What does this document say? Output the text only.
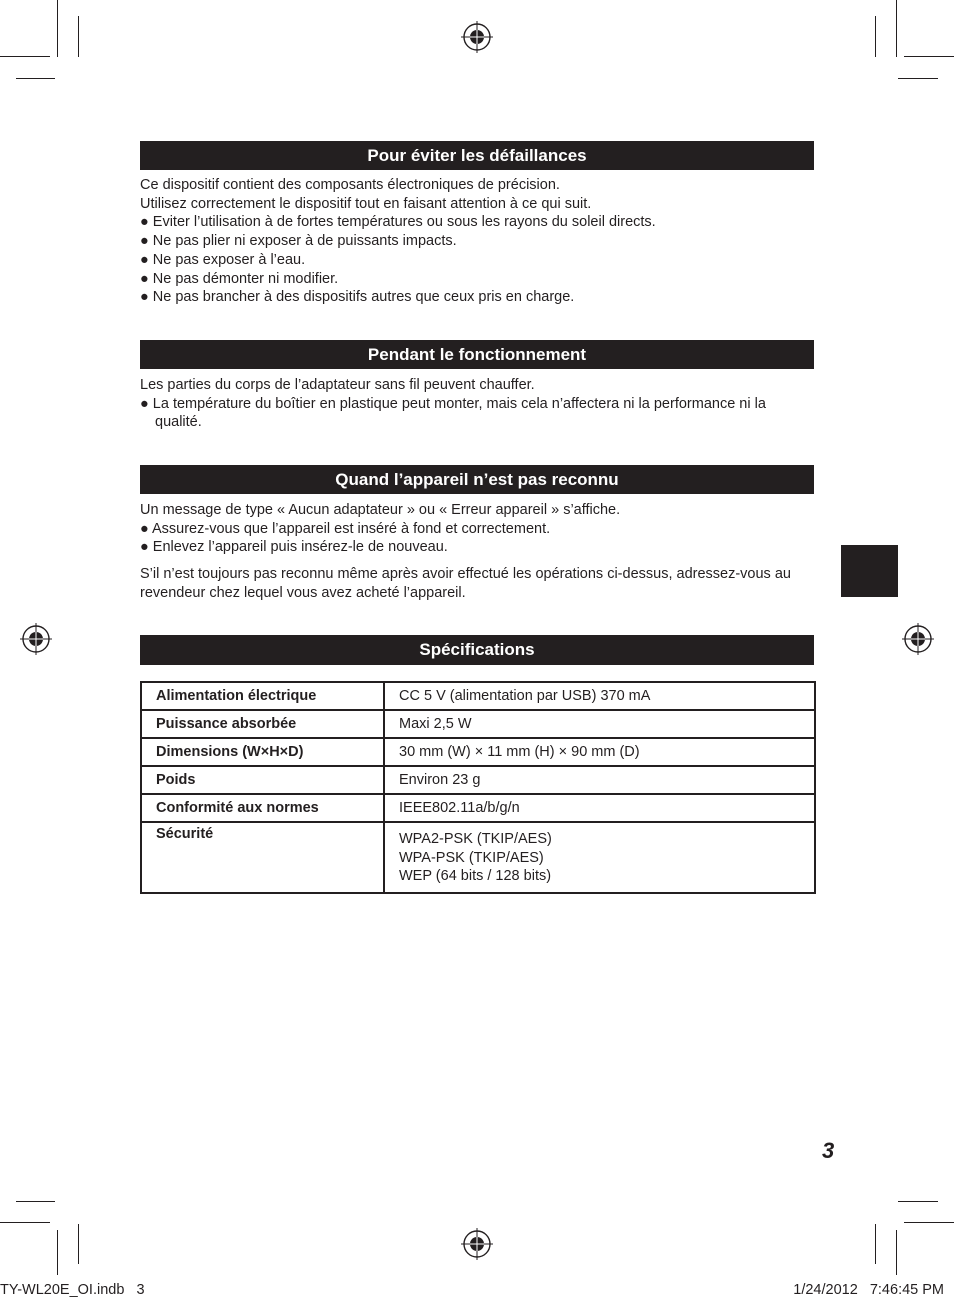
Pour éviter les défaillances

Ce dispositif contient des composants électroniques de précision.

Utilisez correctement le dispositif tout en faisant attention à ce qui suit.

● Eviter l’utilisation à de fortes températures ou sous les rayons du soleil directs.

● Ne pas plier ni exposer à de puissants impacts.

● Ne pas exposer à l’eau.

● Ne pas démonter ni modifier.

● Ne pas brancher à des dispositifs autres que ceux pris en charge.

Pendant le fonctionnement

Les parties du corps de l’adaptateur sans fil peuvent chauffer.

● La température du boîtier en plastique peut monter, mais cela n’affectera ni la performance ni la qualité.

Quand l’appareil n’est pas reconnu

Un message de type « Aucun adaptateur » ou « Erreur appareil » s’affiche.

● Assurez-vous que l’appareil est inséré à fond et correctement.

● Enlevez l’appareil puis insérez-le de nouveau.

S’il n’est toujours pas reconnu même après avoir effectué les opérations ci-dessus, adressez-vous au revendeur chez lequel vous avez acheté l’appareil.

Spécifications
Alimentation électrique	CC 5 V (alimentation par USB) 370 mA
Puissance absorbée	Maxi 2,5 W
Dimensions (W×H×D)	30 mm (W) × 11 mm (H) × 90 mm (D)
Poids	Environ 23 g
Conformité aux normes	IEEE802.11a/b/g/n
Sécurité	WPA2-PSK (TKIP/AES)
WPA-PSK (TKIP/AES)
WEP (64 bits / 128 bits)
3
TY-WL20E_OI.indb   3	1/24/2012   7:46:45 PM
